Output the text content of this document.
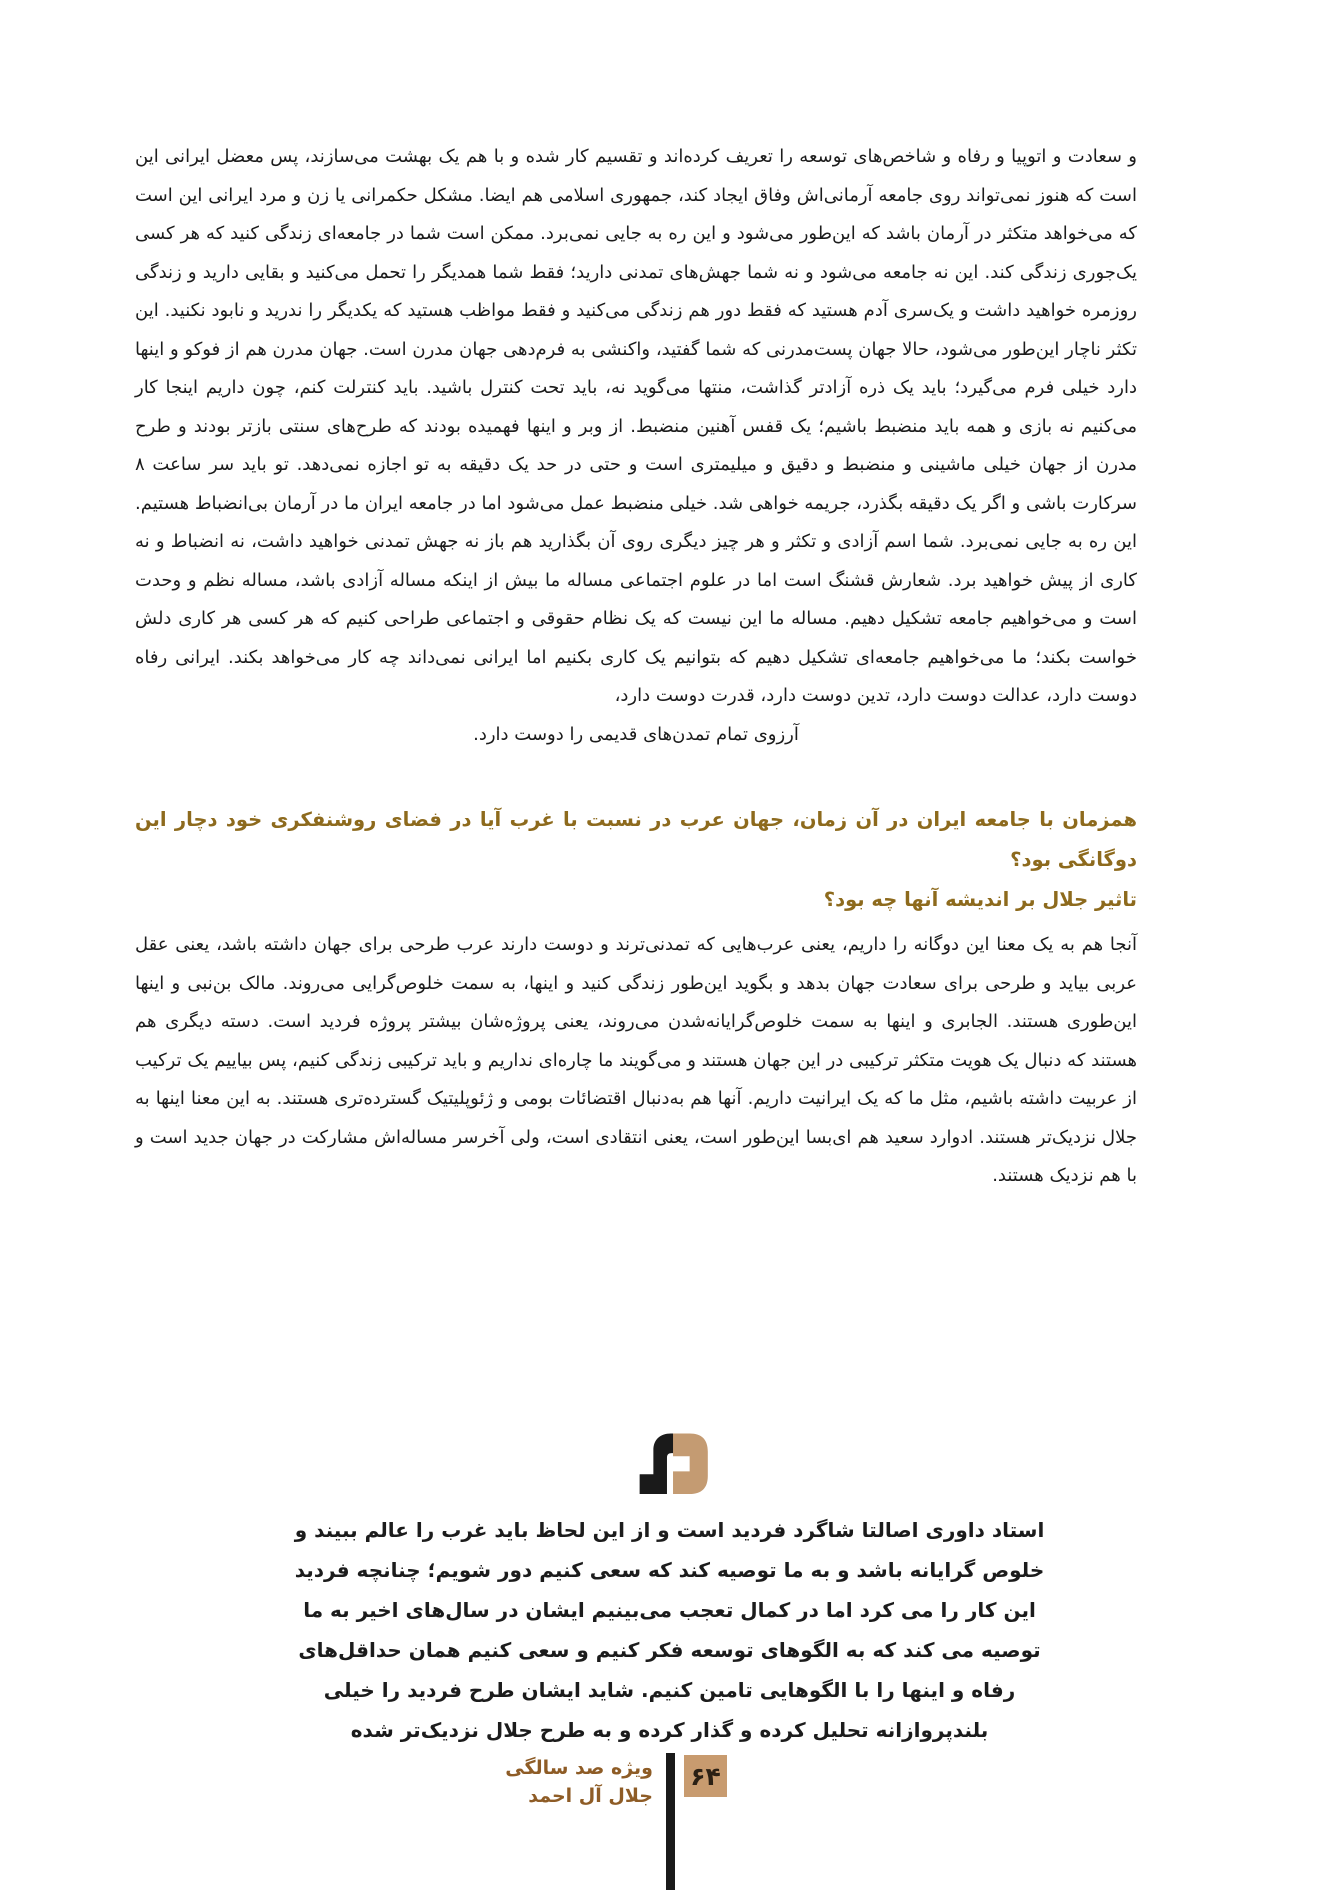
و سعادت و اتوپیا و رفاه و شاخص‌های توسعه را تعریف کرده‌اند و تقسیم کار شده و با هم یک بهشت می‌سازند، پس معضل ایرانی این است که هنوز نمی‌تواند روی جامعه آرمانی‌اش وفاق ایجاد کند، جمهوری اسلامی هم ایضا. مشکل حکمرانی یا زن و مرد ایرانی این است که می‌خواهد متکثر در آرمان باشد که این‌طور می‌شود و این ره به جایی نمی‌برد. ممکن است شما در جامعه‌ای زندگی کنید که هر کسی یک‌جوری زندگی کند. این نه جامعه می‌شود و نه شما جهش‌های تمدنی دارید؛ فقط شما همدیگر را تحمل می‌کنید و بقایی دارید و زندگی روزمره خواهید داشت و یک‌سری آدم هستید که فقط دور هم زندگی می‌کنید و فقط مواظب هستید که یکدیگر را ندرید و نابود نکنید. این تکثر ناچار این‌طور می‌شود، حالا جهان پست‌مدرنی که شما گفتید، واکنشی به فرم‌دهی جهان مدرن است. جهان مدرن هم از فوکو و اینها دارد خیلی فرم می‌گیرد؛ باید یک ذره آزادتر گذاشت، منتها می‌گوید نه، باید تحت کنترل باشید. باید کنترلت کنم، چون داریم اینجا کار می‌کنیم نه بازی و همه باید منضبط باشیم؛ یک قفس آهنین منضبط. از وبر و اینها فهمیده بودند که طرح‌های سنتی بازتر بودند و طرح مدرن از جهان خیلی ماشینی و منضبط و دقیق و میلیمتری است و حتی در حد یک دقیقه به تو اجازه نمی‌دهد. تو باید سر ساعت ۸ سرکارت باشی و اگر یک دقیقه بگذرد، جریمه خواهی شد. خیلی منضبط عمل می‌شود اما در جامعه ایران ما در آرمان بی‌انضباط هستیم. این ره به جایی نمی‌برد. شما اسم آزادی و تکثر و هر چیز دیگری روی آن بگذارید هم باز نه جهش تمدنی خواهید داشت، نه انضباط و نه کاری از پیش خواهید برد. شعارش قشنگ است اما در علوم اجتماعی مساله ما بیش از اینکه مساله آزادی باشد، مساله نظم و وحدت است و می‌خواهیم جامعه تشکیل دهیم. مساله ما این نیست که یک نظام حقوقی و اجتماعی طراحی کنیم که هر کسی هر کاری دلش خواست بکند؛ ما می‌خواهیم جامعه‌ای تشکیل دهیم که بتوانیم یک کاری بکنیم اما ایرانی نمی‌داند چه کار می‌خواهد بکند. ایرانی رفاه دوست دارد، عدالت دوست دارد، تدین دوست دارد، قدرت دوست دارد،

آرزوی تمام تمدن‌های قدیمی را دوست دارد.

همزمان با جامعه ایران در آن زمان، جهان عرب در نسبت با غرب آیا در فضای روشنفکری خود دچار این دوگانگی بود؟

تاثیر جلال بر اندیشه آنها چه بود؟

آنجا هم به یک معنا این دوگانه را داریم، یعنی عرب‌هایی که تمدنی‌ترند و دوست دارند عرب طرحی برای جهان داشته باشد، یعنی عقل عربی بیاید و طرحی برای سعادت جهان بدهد و بگوید این‌طور زندگی کنید و اینها، به سمت خلوص‌گرایی می‌روند. مالک بن‌نبی و اینها این‌طوری هستند. الجابری و اینها به سمت خلوص‌گرایانه‌شدن می‌روند، یعنی پروژه‌شان بیشتر پروژه فردید است. دسته دیگری هم هستند که دنبال یک هویت متکثر ترکیبی در این جهان هستند و می‌گویند ما چاره‌ای نداریم و باید ترکیبی زندگی کنیم، پس بیاییم یک ترکیب از عربیت داشته باشیم، مثل ما که یک ایرانیت داریم. آنها هم به‌دنبال اقتضائات بومی و ژئوپلیتیک گسترده‌تری هستند. به این معنا اینها به جلال نزدیک‌تر هستند. ادوارد سعید هم ای‌بسا این‌طور است، یعنی انتقادی است، ولی آخرسر مساله‌اش مشارکت در جهان جدید است و با هم نزدیک هستند.

استاد داوری اصالتا شاگرد فردید است و از این لحاظ باید غرب را عالم ببیند و خلوص گرایانه باشد و به ما توصیه کند که سعی کنیم دور شویم؛ چنانچه فردید این کار را می کرد اما در کمال تعجب می‌بینیم ایشان در سال‌های اخیر به ما توصیه می کند که به الگوهای توسعه فکر کنیم و سعی کنیم همان حداقل‌های رفاه و اینها را با الگوهایی تامین کنیم. شاید ایشان طرح فردید را خیلی بلندپروازانه تحلیل کرده و گذار کرده و به طرح جلال نزدیک‌تر شده

۶۴
ویژه صد سالگی
جلال آل احمد
